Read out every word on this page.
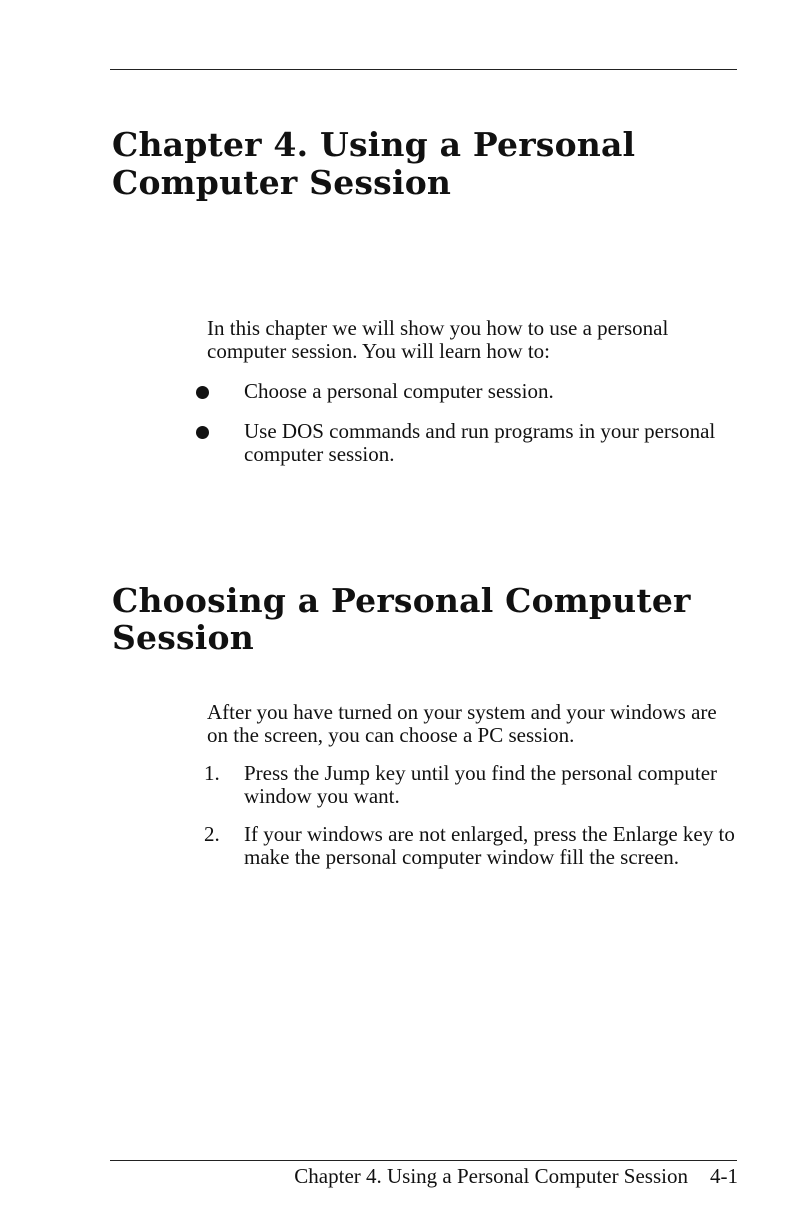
Chapter 4. Using a Personal Computer Session

In this chapter we will show you how to use a personal computer session. You will learn how to:

Choose a personal computer session.
Use DOS commands and run programs in your personal computer session.
Choosing a Personal Computer Session

After you have turned on your system and your windows are on the screen, you can choose a PC session.

1. Press the Jump key until you find the personal computer window you want.
2. If your windows are not enlarged, press the Enlarge key to make the personal computer window fill the screen.
Chapter 4. Using a Personal Computer Session 4-1
